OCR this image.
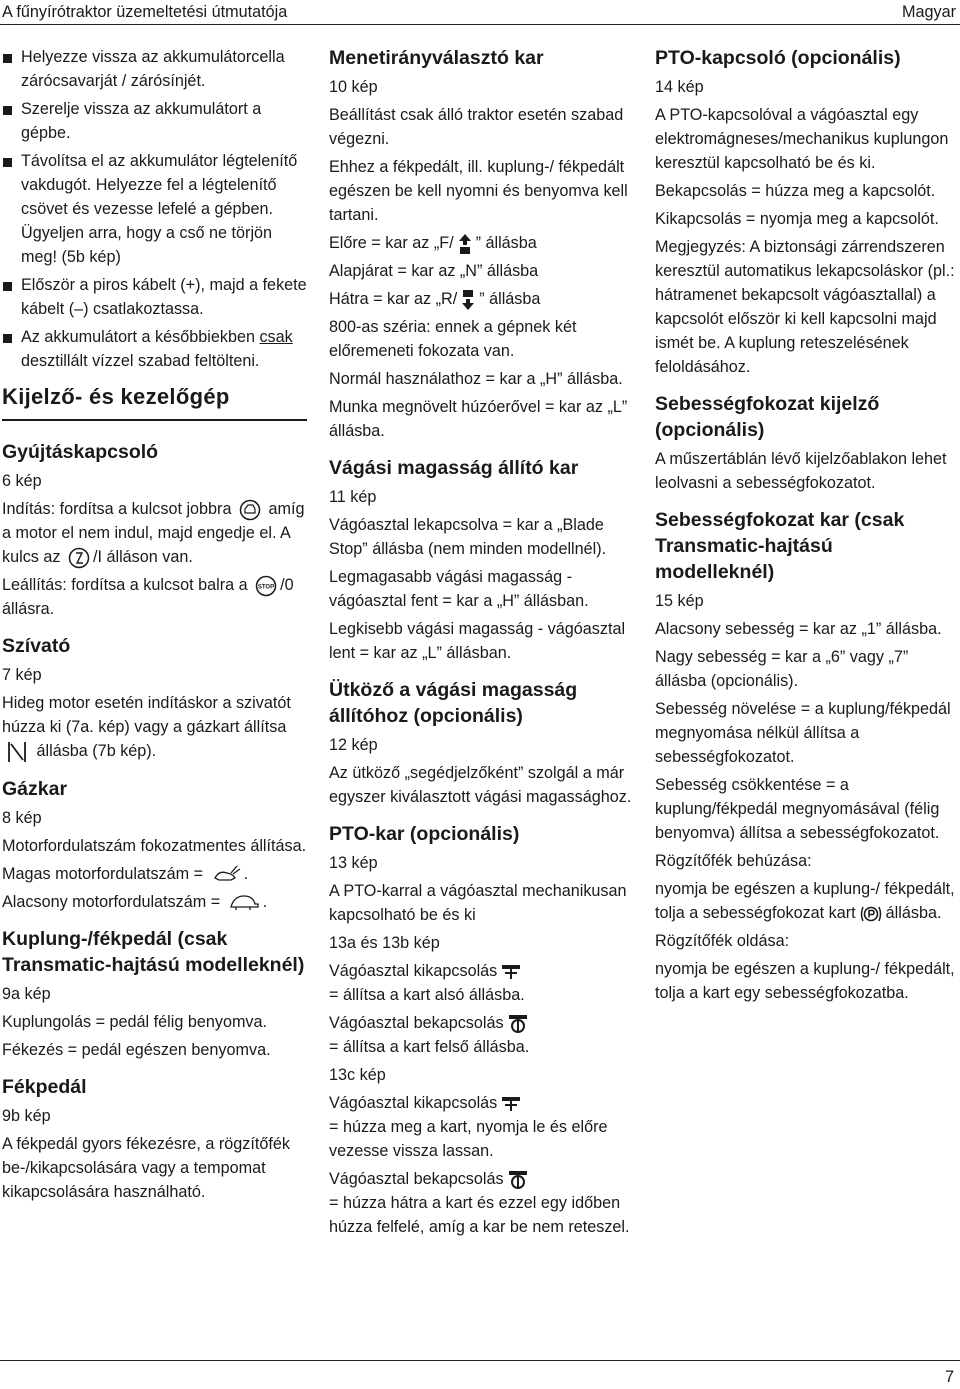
A fűnyírótraktor üzemeltetési útmutatója	Magyar

Helyezze vissza az akkumulátorcella zárócsavarját / zárósínjét.

Szerelje vissza az akkumulátort a gépbe.

Távolítsa el az akkumulátor légtelenítő vakdugót. Helyezze fel a légtelenítő csövet és vezesse lefelé a gépben. Ügyeljen arra, hogy a cső ne törjön meg! (5b kép)

Először a piros kábelt (+), majd a fekete kábelt (–) csatlakoztassa.

Az akkumulátort a későbbiekben csak desztillált vízzel szabad feltölteni.

Kijelző- és kezelőgép
Gyújtáskapcsoló

6 kép

Indítás: fordítsa a kulcsot jobbra amíg a motor el nem indul, majd engedje el. A kulcs az /I álláson van.

Leállítás: fordítsa a kulcsot balra a STOP /0 állásra.

Szívató

7 kép

Hideg motor esetén indításkor a szivatót húzza ki (7a. kép) vagy a gázkart állítsa
állásba (7b kép).

Gázkar

8 kép

Motorfordulatszám fokozatmentes állítása.

Magas motorfordulatszám =	.

Alacsony motorfordulatszám =	.

Kuplung-/fékpedál (csak Transmatic-hajtású modelleknél)

9a kép

Kuplungolás = pedál félig benyomva.

Fékezés = pedál egészen benyomva.

Fékpedál

9b kép

A fékpedál gyors fékezésre, a rögzítőfék be-/kikapcsolására vagy a tempomat kikapcsolására használható.

Menetirányválasztó kar

10 kép

Beállítást csak álló traktor esetén szabad végezni.

Ehhez a fékpedált, ill. kuplung-/ fékpedált egészen be kell nyomni és benyomva kell tartani.

Előre = kar az „F/ ” állásba

Alapjárat = kar az „N” állásba

Hátra = kar az „R/ ” állásba

800-as széria: ennek a gépnek két előremeneti fokozata van.

Normál használathoz = kar a „H” állásba.

Munka megnövelt húzóerővel = kar az „L” állásba.

Vágási magasság állító kar

11 kép

Vágóasztal lekapcsolva = kar a „Blade Stop” állásba (nem minden modellnél).

Legmagasabb vágási magasság - vágóasztal fent = kar a „H” állásban.

Legkisebb vágási magasság - vágóasztal lent = kar az „L” állásban.

Ütköző a vágási magasság állítóhoz (opcionális)

12 kép

Az ütköző „segédjelzőként” szolgál a már egyszer kiválasztott vágási magassághoz.

PTO-kar (opcionális)

13 kép

A PTO-karral a vágóasztal mechanikusan kapcsolható be és ki

13a és 13b kép

Vágóasztal kikapcsolás

= állítsa a kart alsó állásba.

Vágóasztal bekapcsolás

= állítsa a kart felső állásba.

13c kép

Vágóasztal kikapcsolás

= húzza meg a kart, nyomja le és előre vezesse vissza lassan.

Vágóasztal bekapcsolás

= húzza hátra a kart és ezzel egy időben húzza felfelé, amíg a kar be nem reteszel.

PTO-kapcsoló (opcionális)

14 kép

A PTO-kapcsolóval a vágóasztal egy elektromágneses/mechanikus kuplungon keresztül kapcsolható be és ki.

Bekapcsolás = húzza meg a kapcsolót.

Kikapcsolás = nyomja meg a kapcsolót.

Megjegyzés: A biztonsági zárrendszeren keresztül automatikus lekapcsoláskor (pl.: hátramenet bekapcsolt vágóasztallal) a kapcsolót először ki kell kapcsolni majd ismét be. A kuplung reteszelésének feloldásához.

Sebességfokozat kijelző (opcionális)

A műszertáblán lévő kijelzőablakon lehet leolvasni a sebességfokozatot.

Sebességfokozat kar (csak Transmatic-hajtású modelleknél)

15 kép

Alacsony sebesség = kar az „1” állásba.

Nagy sebesség = kar a „6” vagy „7” állásba (opcionális).

Sebesség növelése = a kuplung/fékpedál megnyomása nélkül állítsa a sebességfokozatot.

Sebesség csökkentése = a kuplung/fékpedál megnyomásával (félig benyomva) állítsa a sebességfokozatot.

Rögzítőfék behúzása:

nyomja be egészen a kuplung-/ fékpedált, tolja a sebességfokozat kart állásba.

Rögzítőfék oldása:

nyomja be egészen a kuplung-/ fékpedált, tolja a kart egy sebességfokozatba.

7
